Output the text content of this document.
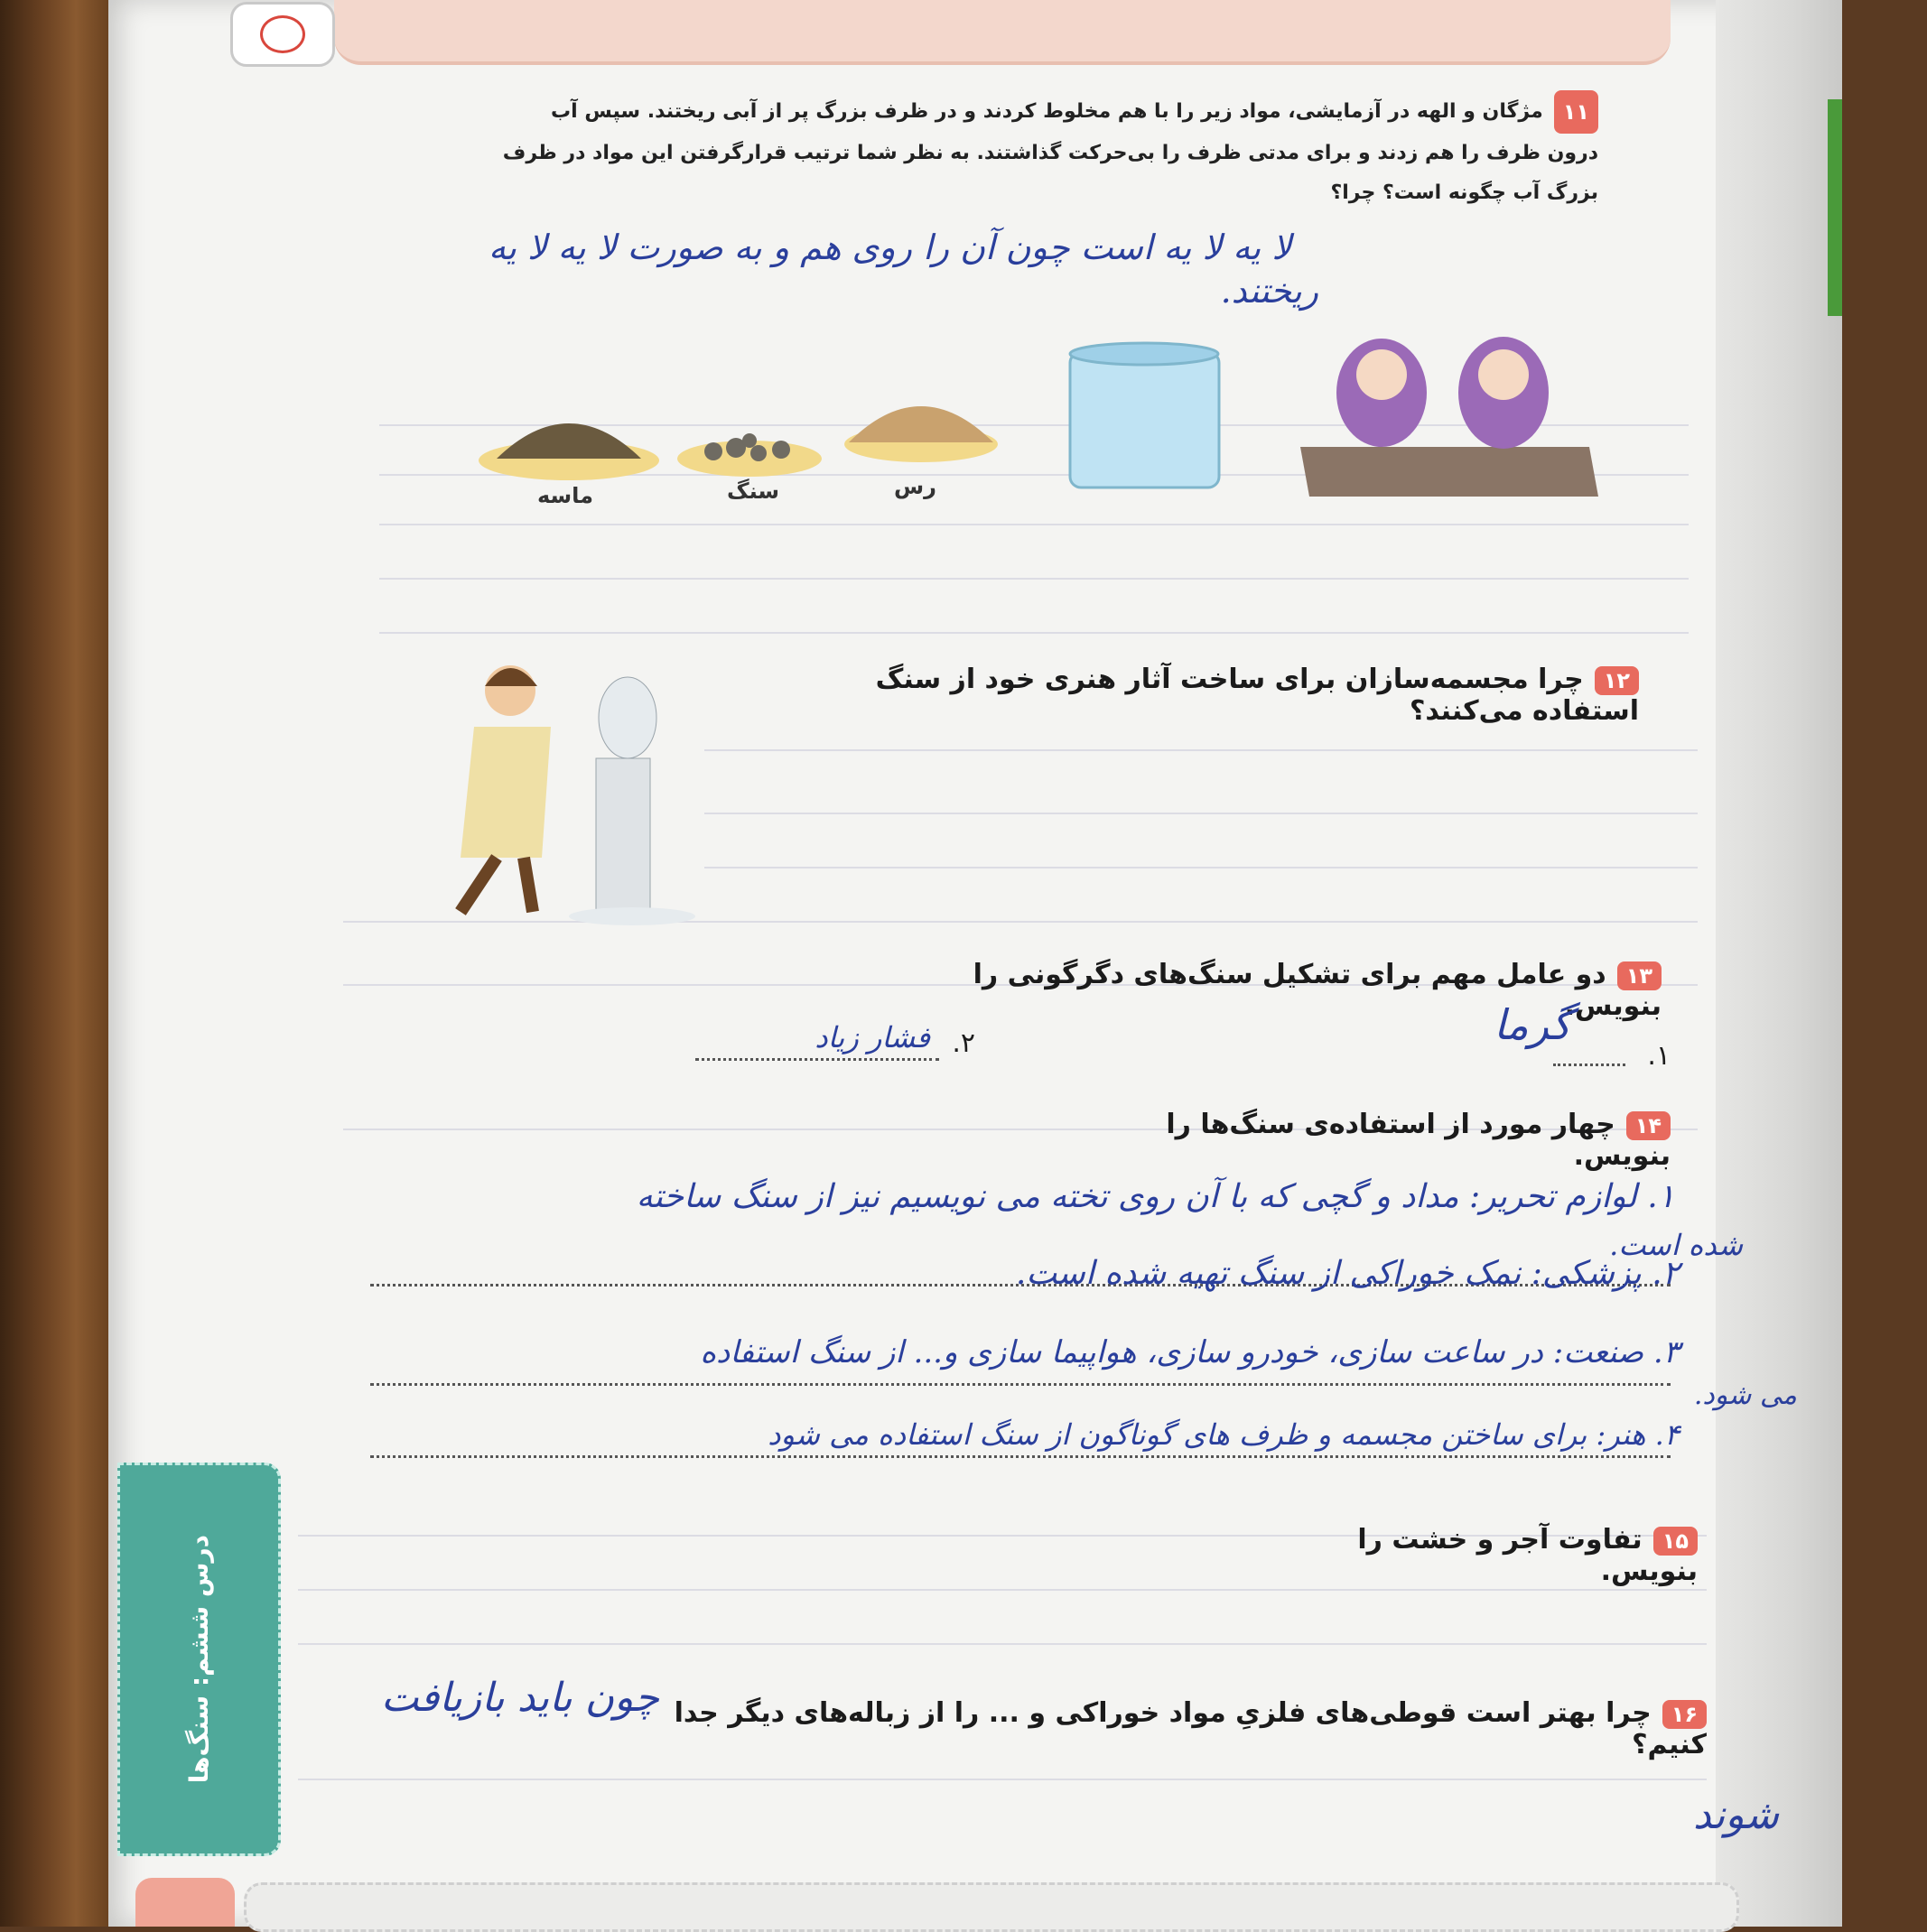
۱۱مژگان و الهه در آزمایشی، مواد زیر را با هم مخلوط کردند و در ظرف بزرگ پر از آبی ریختند. سپس آب
درون ظرف را هم زدند و برای مدتی ظرف را بی‌حرکت گذاشتند. به نظر شما ترتیب قرارگرفتن این مواد در ظرف
بزرگ آب چگونه است؟ چرا؟
لا یه لا یه است چون آن را روی هم و به صورت لا یه لا یه
ریختند.
ماسه	سنگ	رس
۱۲چرا مجسمه‌سازان برای ساخت آثار هنری خود از سنگ استفاده می‌کنند؟
۱۳دو عامل مهم برای تشکیل سنگ‌های دگرگونی را بنویس.
۱.
گرما
۲.
فشار زیاد
۱۴چهار مورد از استفاده‌ی سنگ‌ها را بنویس.
۱. لوازم تحریر: مداد و گچی که با آن روی تخته می نویسیم نیز از سنگ ساخته
شده است.
۲. پزشکی: نمک خوراکی از سنگ تهیه شده است.
۳. صنعت: در ساعت سازی، خودرو سازی، هواپیما سازی و... از سنگ استفاده
می شود.
۴. هنر: برای ساختن مجسمه و ظرف های گوناگون از سنگ استفاده می شود
۱۵تفاوت آجر و خشت را بنویس.
۱۶چرا بهتر است قوطی‌های فلزیِ مواد خوراکی و ... را از زباله‌های دیگر جدا کنیم؟
چون باید بازیافت
شوند
درس ششم: سنگ‌ها
